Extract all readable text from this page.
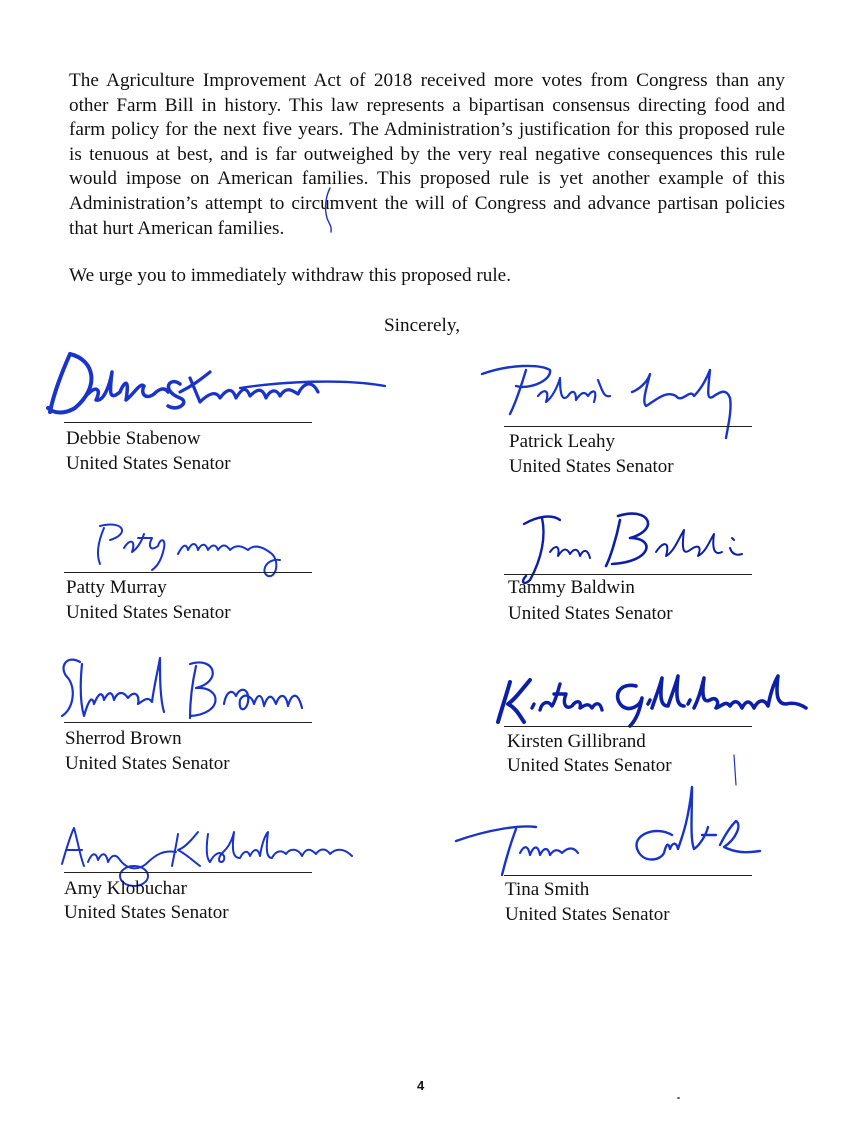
The Agriculture Improvement Act of 2018 received more votes from Congress than any other Farm Bill in history. This law represents a bipartisan consensus directing food and farm policy for the next five years. The Administration’s justification for this proposed rule is tenuous at best, and is far outweighed by the very real negative consequences this rule would impose on American families. This proposed rule is yet another example of this Administration’s attempt to circumvent the will of Congress and advance partisan policies that hurt American families.

We urge you to immediately withdraw this proposed rule.

Sincerely,
Debbie Stabenow
United States Senator
Patrick Leahy
United States Senator
Patty Murray
United States Senator
Tammy Baldwin
United States Senator
Sherrod Brown
United States Senator
Kirsten Gillibrand
United States Senator
Amy Klobuchar
United States Senator
Tina Smith
United States Senator
4
